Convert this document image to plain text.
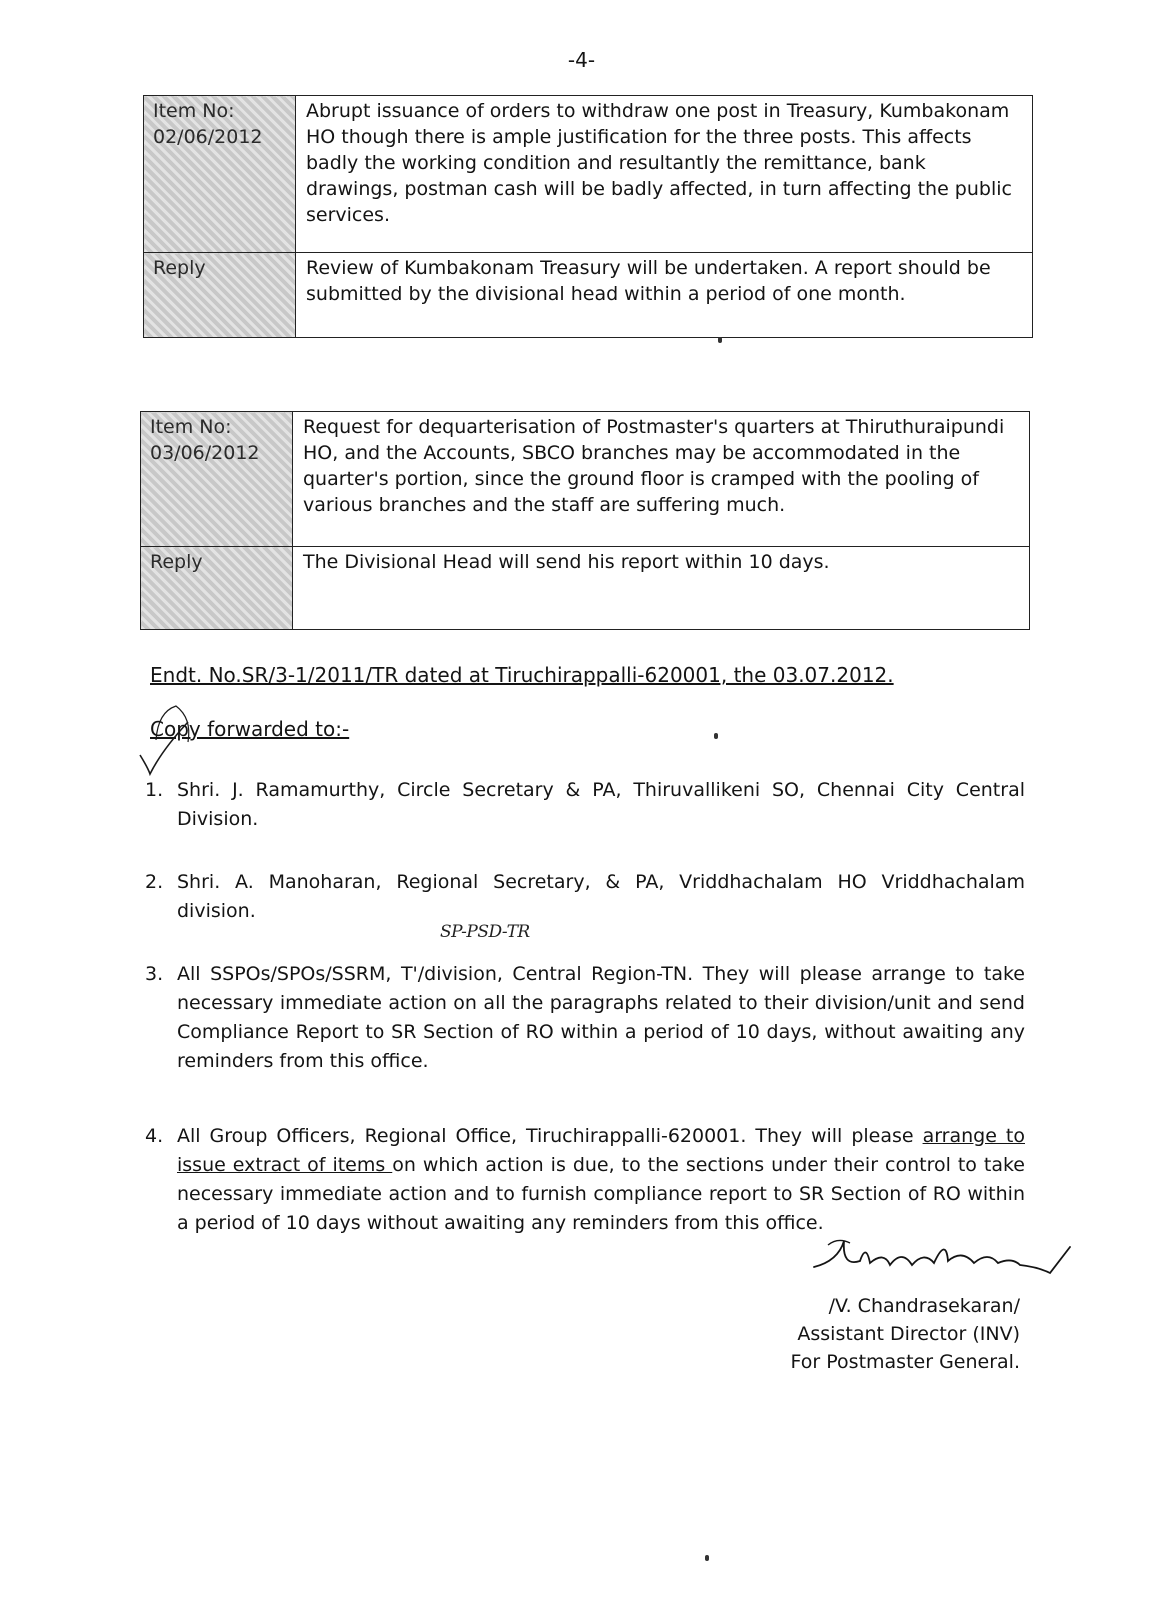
-4-
Item No:
02/06/2012	Abrupt issuance of orders to withdraw one post in Treasury, Kumbakonam HO though there is ample justification for the three posts. This affects badly the working condition and resultantly the remittance, bank drawings, postman cash will be badly affected, in turn affecting the public services.

Reply	Review of Kumbakonam Treasury will be undertaken. A report should be submitted by the divisional head within a period of one month.
Item No:
03/06/2012	Request for dequarterisation of Postmaster's quarters at Thiruthuraipundi HO, and the Accounts, SBCO branches may be accommodated in the quarter's portion, since the ground floor is cramped with the pooling of various branches and the staff are suffering much.

Reply	The Divisional Head will send his report within 10 days.
Endt. No.SR/3-1/2011/TR dated at Tiruchirappalli-620001, the 03.07.2012.
Copy forwarded to:-
1. Shri. J. Ramamurthy, Circle Secretary & PA, Thiruvallikeni SO, Chennai City Central Division.
2. Shri. A. Manoharan, Regional Secretary, & PA, Vriddhachalam HO Vriddhachalam division.
3. All SSPOs/SPOs/SSRM, T'/division, Central Region-TN. They will please arrange to take necessary immediate action on all the paragraphs related to their division/unit and send Compliance Report to SR Section of RO within a period of 10 days, without awaiting any reminders from this office.
4. All Group Officers, Regional Office, Tiruchirappalli-620001. They will please arrange to issue extract of items on which action is due, to the sections under their control to take necessary immediate action and to furnish compliance report to SR Section of RO within a period of 10 days without awaiting any reminders from this office.
SP-PSD-TR
/V. Chandrasekaran/
Assistant Director (INV)
For Postmaster General.
